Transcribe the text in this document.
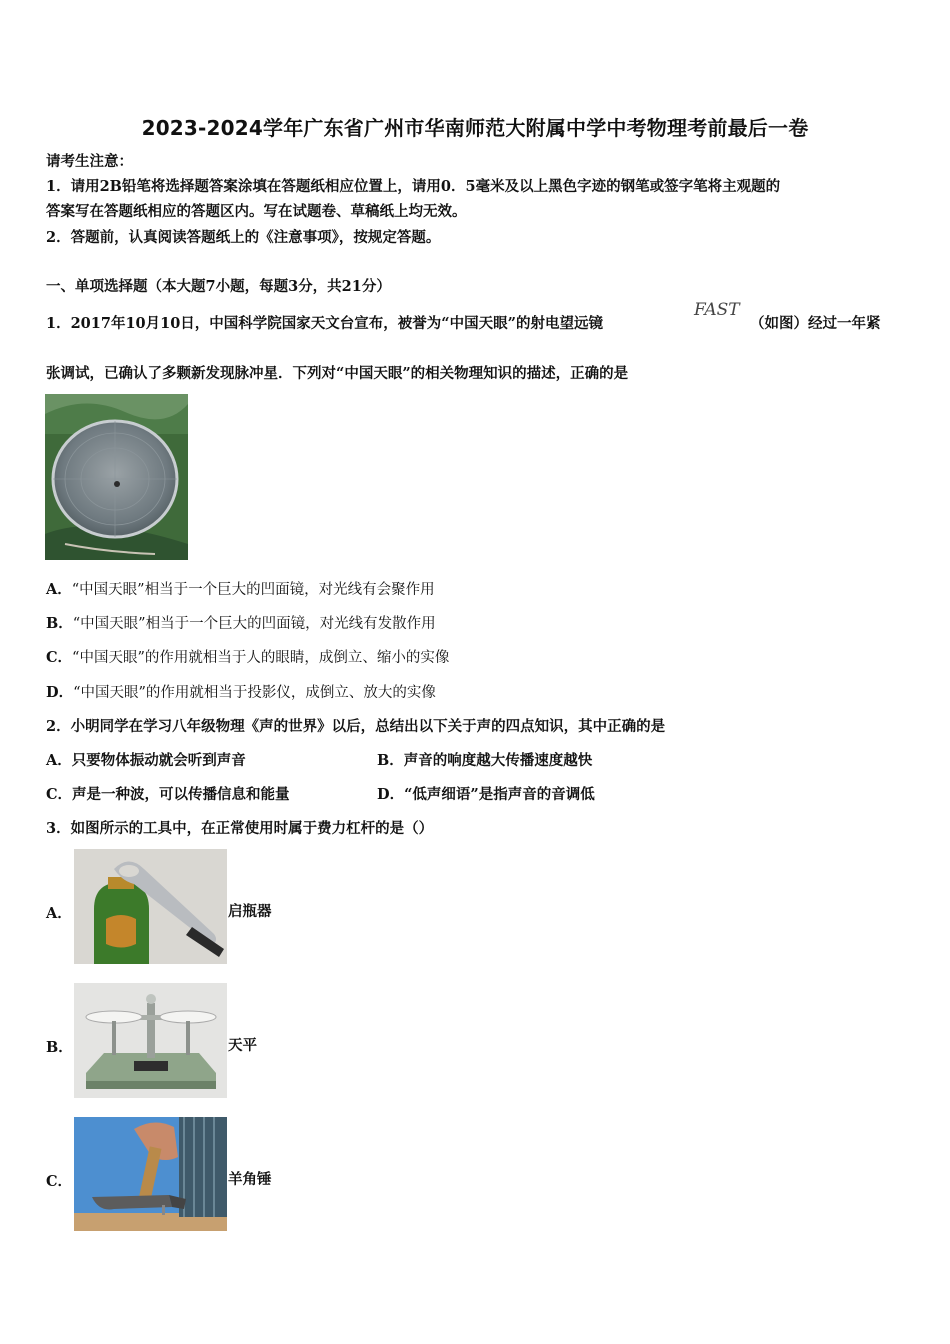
2023-2024学年广东省广州市华南师范大附属中学中考物理考前最后一卷
请考生注意：
1．请用2B铅笔将选择题答案涂填在答题纸相应位置上，请用0．5毫米及以上黑色字迹的钢笔或签字笔将主观题的
答案写在答题纸相应的答题区内。写在试题卷、草稿纸上均无效。
2．答题前，认真阅读答题纸上的《注意事项》，按规定答题。
一、单项选择题（本大题7小题，每题3分，共21分）
1．2017年10月10日，中国科学院国家天文台宣布，被誉为“中国天眼”的射电望远镜
FAST
（如图）经过一年紧
张调试，已确认了多颗新发现脉冲星．下列对“中国天眼”的相关物理知识的描述，正确的是
A．“中国天眼”相当于一个巨大的凹面镜，对光线有会聚作用
B．“中国天眼”相当于一个巨大的凹面镜，对光线有发散作用
C．“中国天眼”的作用就相当于人的眼睛，成倒立、缩小的实像
D．“中国天眼”的作用就相当于投影仪，成倒立、放大的实像
2．小明同学在学习八年级物理《声的世界》以后，总结出以下关于声的四点知识，其中正确的是
A．只要物体振动就会听到声音	B．声音的响度越大传播速度越快
C．声是一种波，可以传播信息和能量	D．“低声细语”是指声音的音调低
3．如图所示的工具中，在正常使用时属于费力杠杆的是（）
A．	启瓶器
B．	天平
C．	羊角锤
